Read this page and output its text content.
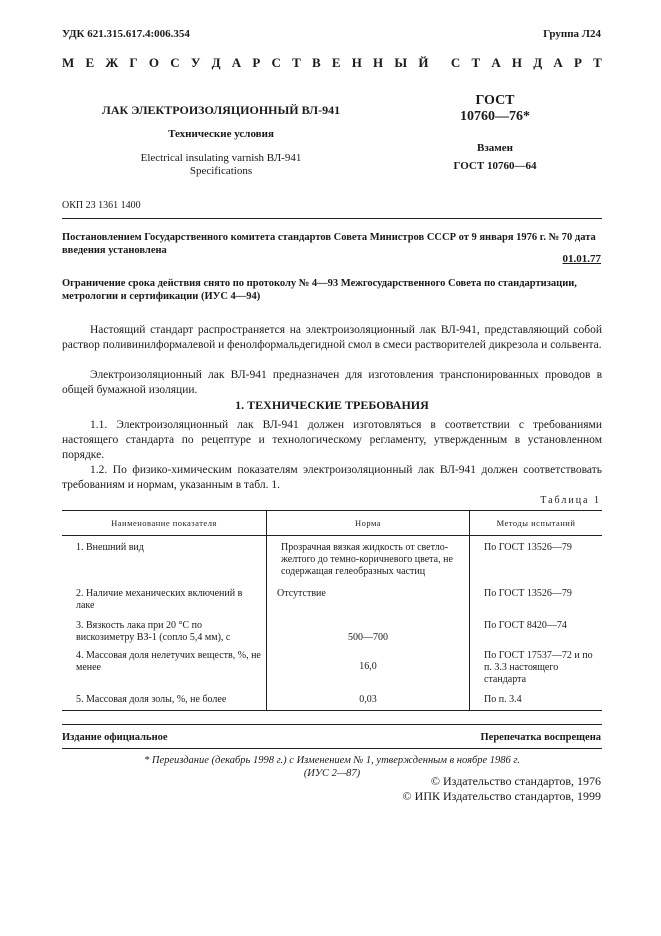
УДК 621.315.617.4:006.354	Группа Л24
М Е Ж Г О С У Д А Р С Т В Е Н Н Ы Й С Т А Н Д А Р Т
ЛАК ЭЛЕКТРОИЗОЛЯЦИОННЫЙ ВЛ-941
Технические условия
Electrical insulating varnish ВЛ-941
Specifications
ГОСТ
10760—76*
Взамен
ГОСТ 10760—64
ОКП 23 1361 1400
Постановлением Государственного комитета стандартов Совета Министров СССР от 9 января 1976 г. № 70 дата введения установлена
01.01.77
Ограничение срока действия снято по протоколу № 4—93 Межгосударственного Совета по стандартизации, метрологии и сертификации (ИУС 4—94)
Настоящий стандарт распространяется на электроизоляционный лак ВЛ-941, представляющий собой раствор поливинилформалевой и фенолформальдегидной смол в смеси растворителей дикрезола и сольвента.
Электроизоляционный лак ВЛ-941 предназначен для изготовления транспонированных проводов в общей бумажной изоляции.
1. ТЕХНИЧЕСКИЕ ТРЕБОВАНИЯ
1.1. Электроизоляционный лак ВЛ-941 должен изготовляться в соответствии с требованиями настоящего стандарта по рецептуре и технологическому регламенту, утвержденным в установленном порядке.
1.2. По физико-химическим показателям электроизоляционный лак ВЛ-941 должен соответствовать требованиям и нормам, указанным в табл. 1.
Таблица 1
Наименование показателя	Норма	Методы испытаний
1. Внешний вид	Прозрачная вязкая жидкость от светло-желтого до темно-коричневого цвета, не содержащая гелеобразных частиц	По ГОСТ 13526—79
2. Наличие механических включений в лаке	Отсутствие	По ГОСТ 13526—79
3. Вязкость лака при 20 °С по вискозиметру ВЗ-1 (сопло 5,4 мм), с	500—700	По ГОСТ 8420—74
4. Массовая доля нелетучих веществ, %, не менее	16,0	По ГОСТ 17537—72 и по п. 3.3 настоящего стандарта
5. Массовая доля золы, %, не более	0,03	По п. 3.4
Издание официальное	Перепечатка воспрещена
* Переиздание (декабрь 1998 г.) с Изменением № 1, утвержденным в ноябре 1986 г.
(ИУС 2—87)
© Издательство стандартов, 1976
© ИПК Издательство стандартов, 1999
